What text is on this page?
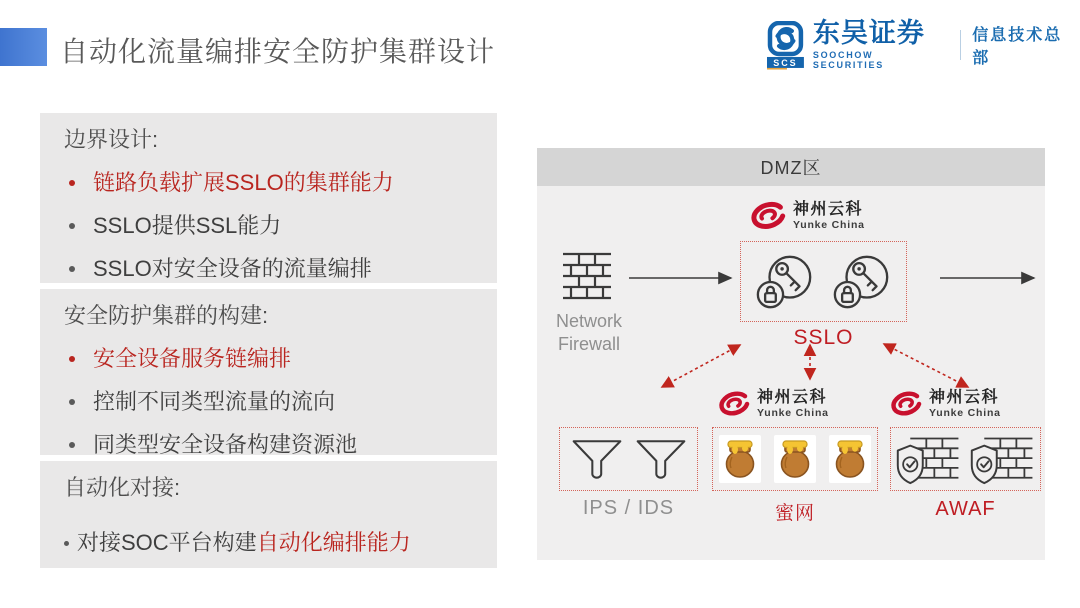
自动化流量编排安全防护集群设计	SCS
东吴证券
SOOCHOW SECURITIES
信息技术总部
边界设计:
链路负载扩展SSLO的集群能力
SSLO提供SSL能力
SSLO对安全设备的流量编排
安全防护集群的构建:
安全设备服务链编排
控制不同类型流量的流向
同类型安全设备构建资源池
自动化对接:
对接SOC平台构建 自动化编排能力
DMZ区
神州云科
Yunke China
Network
Firewall	SSLO
IPS / IDS
神州云科
Yunke China
蜜网
神州云科
Yunke China
AWAF
